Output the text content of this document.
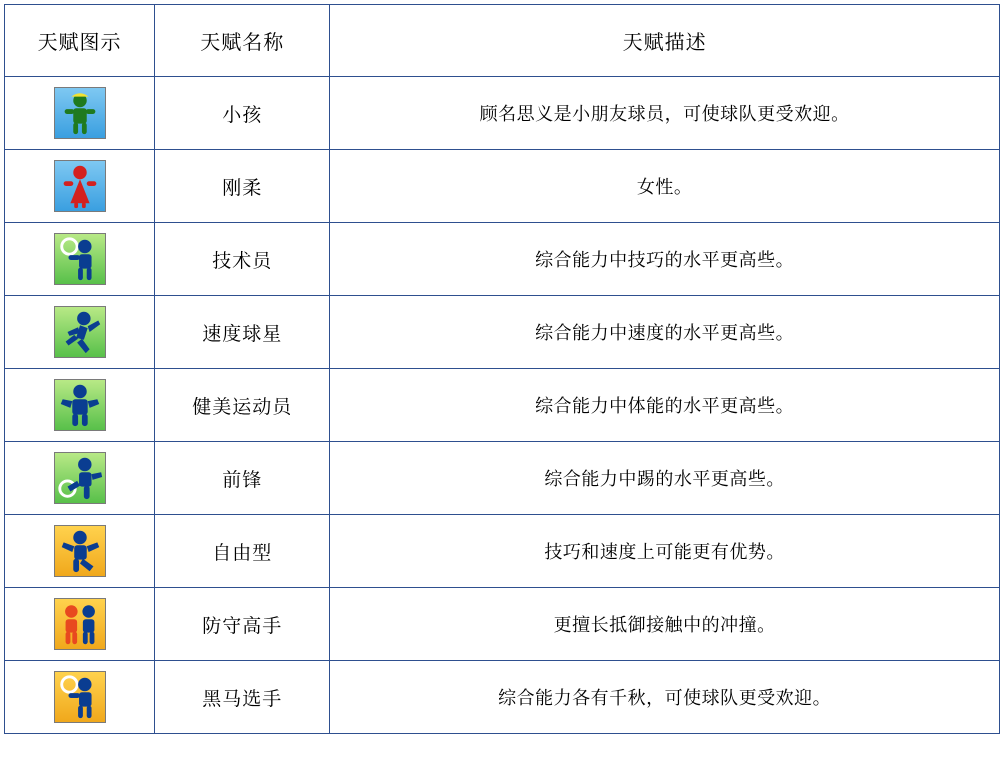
天赋图示	天赋名称	天赋描述

	小孩	顾名思义是小朋友球员，可使球队更受欢迎。

	刚柔	女性。

	技术员	综合能力中技巧的水平更高些。

	速度球星	综合能力中速度的水平更高些。

	健美运动员	综合能力中体能的水平更高些。

	前锋	综合能力中踢的水平更高些。

	自由型	技巧和速度上可能更有优势。

	防守高手	更擅长抵御接触中的冲撞。

	黑马选手	综合能力各有千秋，可使球队更受欢迎。
